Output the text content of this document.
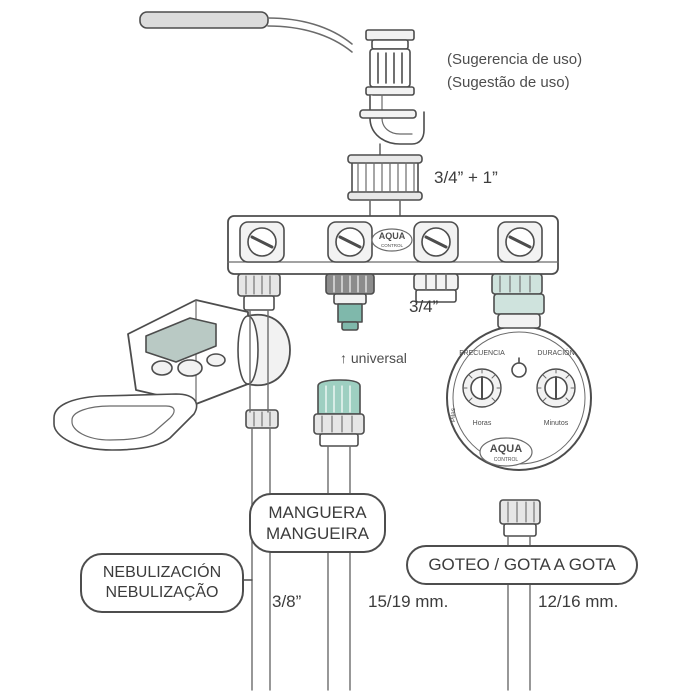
AQUA
CONTROL
FRECUENCIA	DURACIÓN
Horas	Minutos
Pilas
AQUA
CONTROL
(Sugerencia de uso)
(Sugestão de uso)
3/4” + 1”
3/4”
↑ universal
3/8”	15/19 mm.	12/16 mm.
NEBULIZACIÓN
NEBULIZAÇÃO
MANGUERA
MANGUEIRA
GOTEO / GOTA A GOTA
